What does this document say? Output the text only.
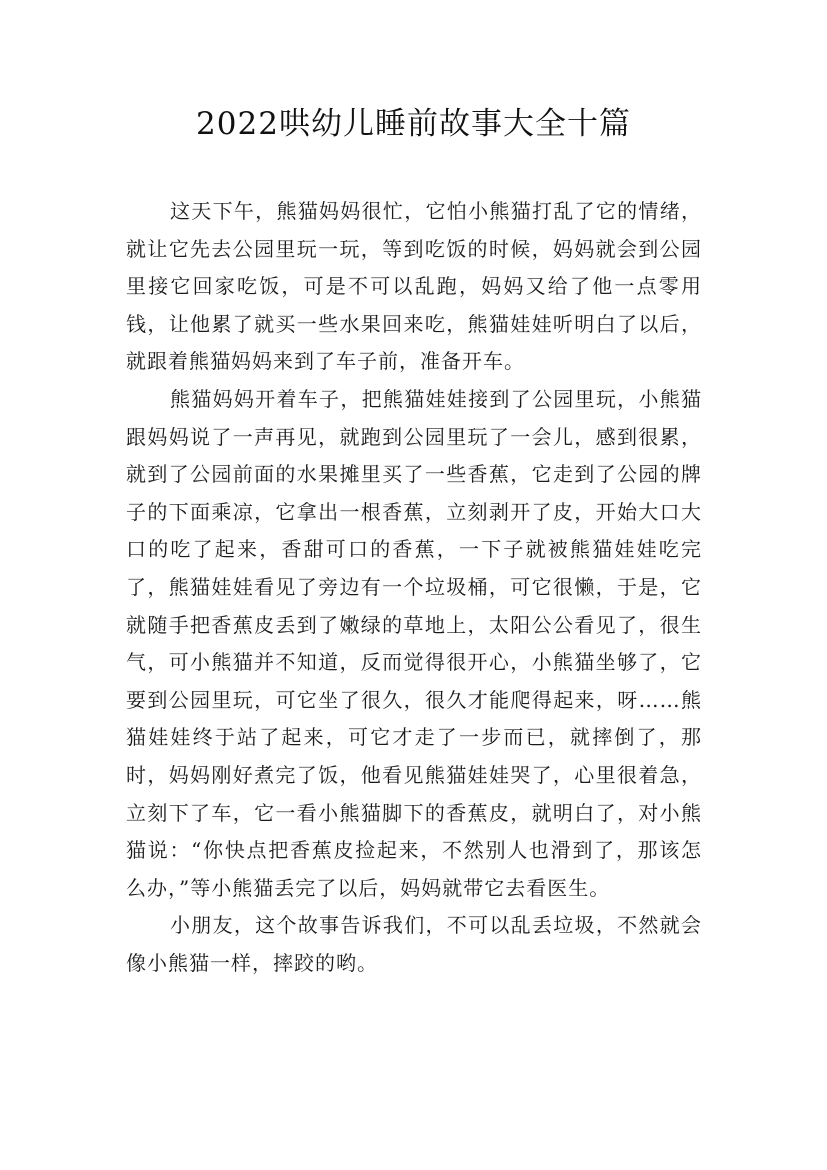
2022哄幼儿睡前故事大全十篇

这天下午，熊猫妈妈很忙，它怕小熊猫打乱了它的情绪，就让它先去公园里玩一玩，等到吃饭的时候，妈妈就会到公园里接它回家吃饭，可是不可以乱跑，妈妈又给了他一点零用钱，让他累了就买一些水果回来吃，熊猫娃娃听明白了以后，就跟着熊猫妈妈来到了车子前，准备开车。

熊猫妈妈开着车子，把熊猫娃娃接到了公园里玩，小熊猫跟妈妈说了一声再见，就跑到公园里玩了一会儿，感到很累，就到了公园前面的水果摊里买了一些香蕉，它走到了公园的牌子的下面乘凉，它拿出一根香蕉，立刻剥开了皮，开始大口大口的吃了起来，香甜可口的香蕉，一下子就被熊猫娃娃吃完了，熊猫娃娃看见了旁边有一个垃圾桶，可它很懒，于是，它就随手把香蕉皮丢到了嫩绿的草地上，太阳公公看见了，很生气，可小熊猫并不知道，反而觉得很开心，小熊猫坐够了，它要到公园里玩，可它坐了很久，很久才能爬得起来，呀……熊猫娃娃终于站了起来，可它才走了一步而已，就摔倒了，那时，妈妈刚好煮完了饭，他看见熊猫娃娃哭了，心里很着急，立刻下了车，它一看小熊猫脚下的香蕉皮，就明白了，对小熊猫说：“你快点把香蕉皮捡起来，不然别人也滑到了，那该怎么办，”等小熊猫丢完了以后，妈妈就带它去看医生。

小朋友，这个故事告诉我们，不可以乱丢垃圾，不然就会像小熊猫一样，摔跤的哟。
